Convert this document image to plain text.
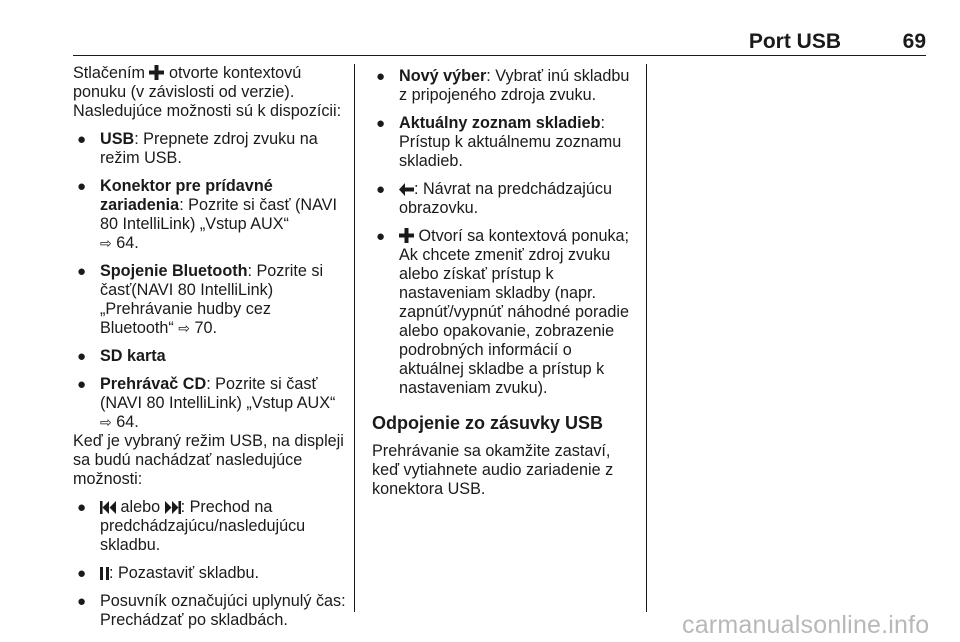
Port USB	69

Stlačením  otvorte kontextovú ponuku (v závislosti od verzie). Nasledujúce možnosti sú k dispozícii:

● USB: Prepnete zdroj zvuku na režim USB.
● Konektor pre prídavné zariadenia: Pozrite si časť (NAVI 80 IntelliLink) „Vstup AUX“
⇨ 64.
● Spojenie Bluetooth: Pozrite si časť(NAVI 80 IntelliLink) „Prehrávanie hudby cez Bluetooth“ ⇨ 70.
● SD karta
● Prehrávač CD: Pozrite si časť (NAVI 80 IntelliLink) „Vstup AUX“
⇨ 64.

Keď je vybraný režim USB, na displeji sa budú nachádzať nasledujúce možnosti:

● alebo : Prechod na predchádzajúcu/nasledujúcu skladbu.
● : Pozastaviť skladbu.
● Posuvník označujúci uplynulý čas: Prechádzať po skladbách.
● Nový výber: Vybrať inú skladbu z pripojeného zdroja zvuku.
● Aktuálny zoznam skladieb: Prístup k aktuálnemu zoznamu skladieb.
● : Návrat na predchádzajúcu obrazovku.
● Otvorí sa kontextová ponuka; Ak chcete zmeniť zdroj zvuku alebo získať prístup k nastaveniam skladby (napr. zapnúť/vypnúť náhodné poradie alebo opakovanie, zobrazenie podrobných informácií o aktuálnej skladbe a prístup k nastaveniam zvuku).
Odpojenie zo zásuvky USB

Prehrávanie sa okamžite zastaví, keď vytiahnete audio zariadenie z konektora USB.

carmanualsonline.info
